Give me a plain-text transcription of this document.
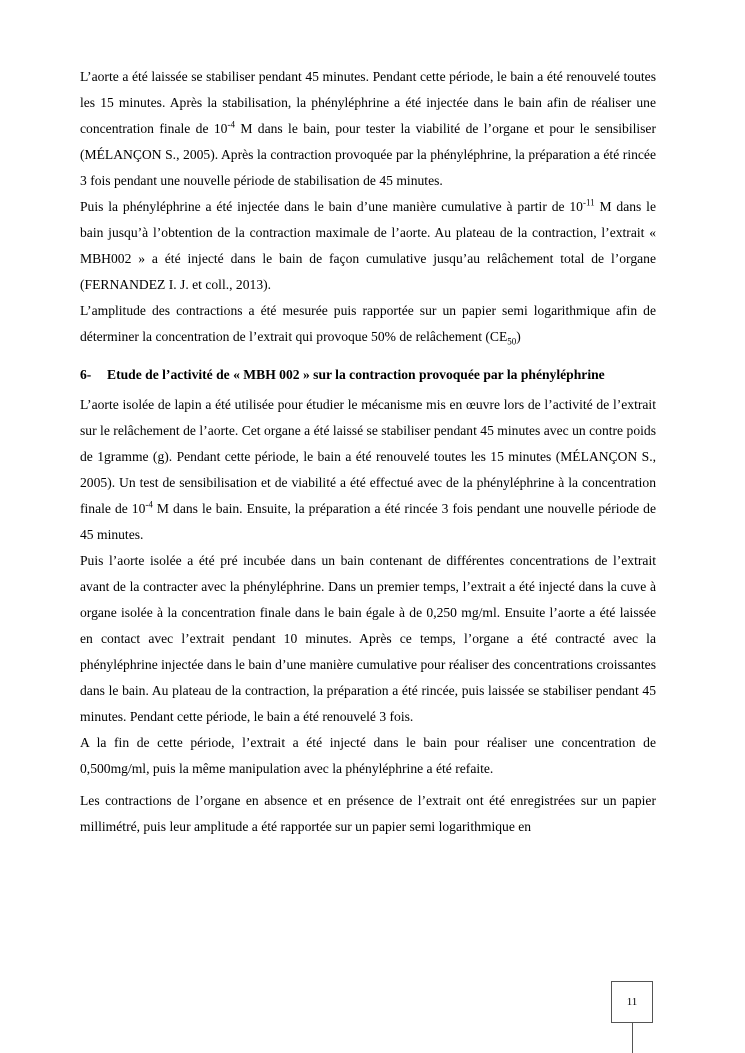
L’aorte a été laissée se stabiliser pendant 45 minutes. Pendant cette période, le bain a été renouvelé toutes les 15 minutes. Après la stabilisation, la phényléphrine a été injectée dans le bain afin de réaliser une concentration finale de $10^{-4}$ M dans le bain, pour tester la viabilité de l’organe et pour le sensibiliser (MÉLANÇON S., 2005). Après la contraction provoquée par la phényléphrine, la préparation a été rincée 3 fois pendant une nouvelle période de stabilisation de 45 minutes.

Puis la phényléphrine a été injectée dans le bain d’une manière cumulative à partir de $10^{-11}$ M dans le bain jusqu’à l’obtention de la contraction maximale de l’aorte. Au plateau de la contraction, l’extrait « MBH002 » a été injecté dans le bain de façon cumulative jusqu’au relâchement total de l’organe (FERNANDEZ I. J. et coll., 2013).

L’amplitude des contractions a été mesurée puis rapportée sur un papier semi logarithmique afin de déterminer la concentration de l’extrait qui provoque 50% de relâchement $(CE_{50})$

6-	Etude de l’activité de « MBH 002 » sur la contraction provoquée par la phényléphrine

L’aorte isolée de lapin a été utilisée pour étudier le mécanisme mis en œuvre lors de l’activité de l’extrait sur le relâchement de l’aorte. Cet organe a été laissé se stabiliser pendant 45 minutes avec un contre poids de 1gramme (g). Pendant cette période, le bain a été renouvelé toutes les 15 minutes (MÉLANÇON S., 2005). Un test de sensibilisation et de viabilité a été effectué avec de la phényléphrine à la concentration finale de $10^{-4}$ M dans le bain. Ensuite, la préparation a été rincée 3 fois pendant une nouvelle période de 45 minutes.

Puis l’aorte isolée a été pré incubée dans un bain contenant de différentes concentrations de l’extrait avant de la contracter avec la phényléphrine. Dans un premier temps, l’extrait a été injecté dans la cuve à organe isolée à la concentration finale dans le bain égale à de 0,250 mg/ml. Ensuite l’aorte a été laissée en contact avec l’extrait pendant 10 minutes. Après ce temps, l’organe a été contracté avec la phényléphrine injectée dans le bain d’une manière cumulative pour réaliser des concentrations croissantes dans le bain. Au plateau de la contraction, la préparation a été rincée, puis laissée se stabiliser pendant 45 minutes. Pendant cette période, le bain a été renouvelé 3 fois.

A la fin de cette période, l’extrait a été injecté dans le bain pour réaliser une concentration de 0,500mg/ml, puis la même manipulation avec la phényléphrine a été refaite.

Les contractions de l’organe en absence et en présence de l’extrait ont été enregistrées sur un papier millimétré, puis leur amplitude a été rapportée sur un papier semi logarithmique en

11
